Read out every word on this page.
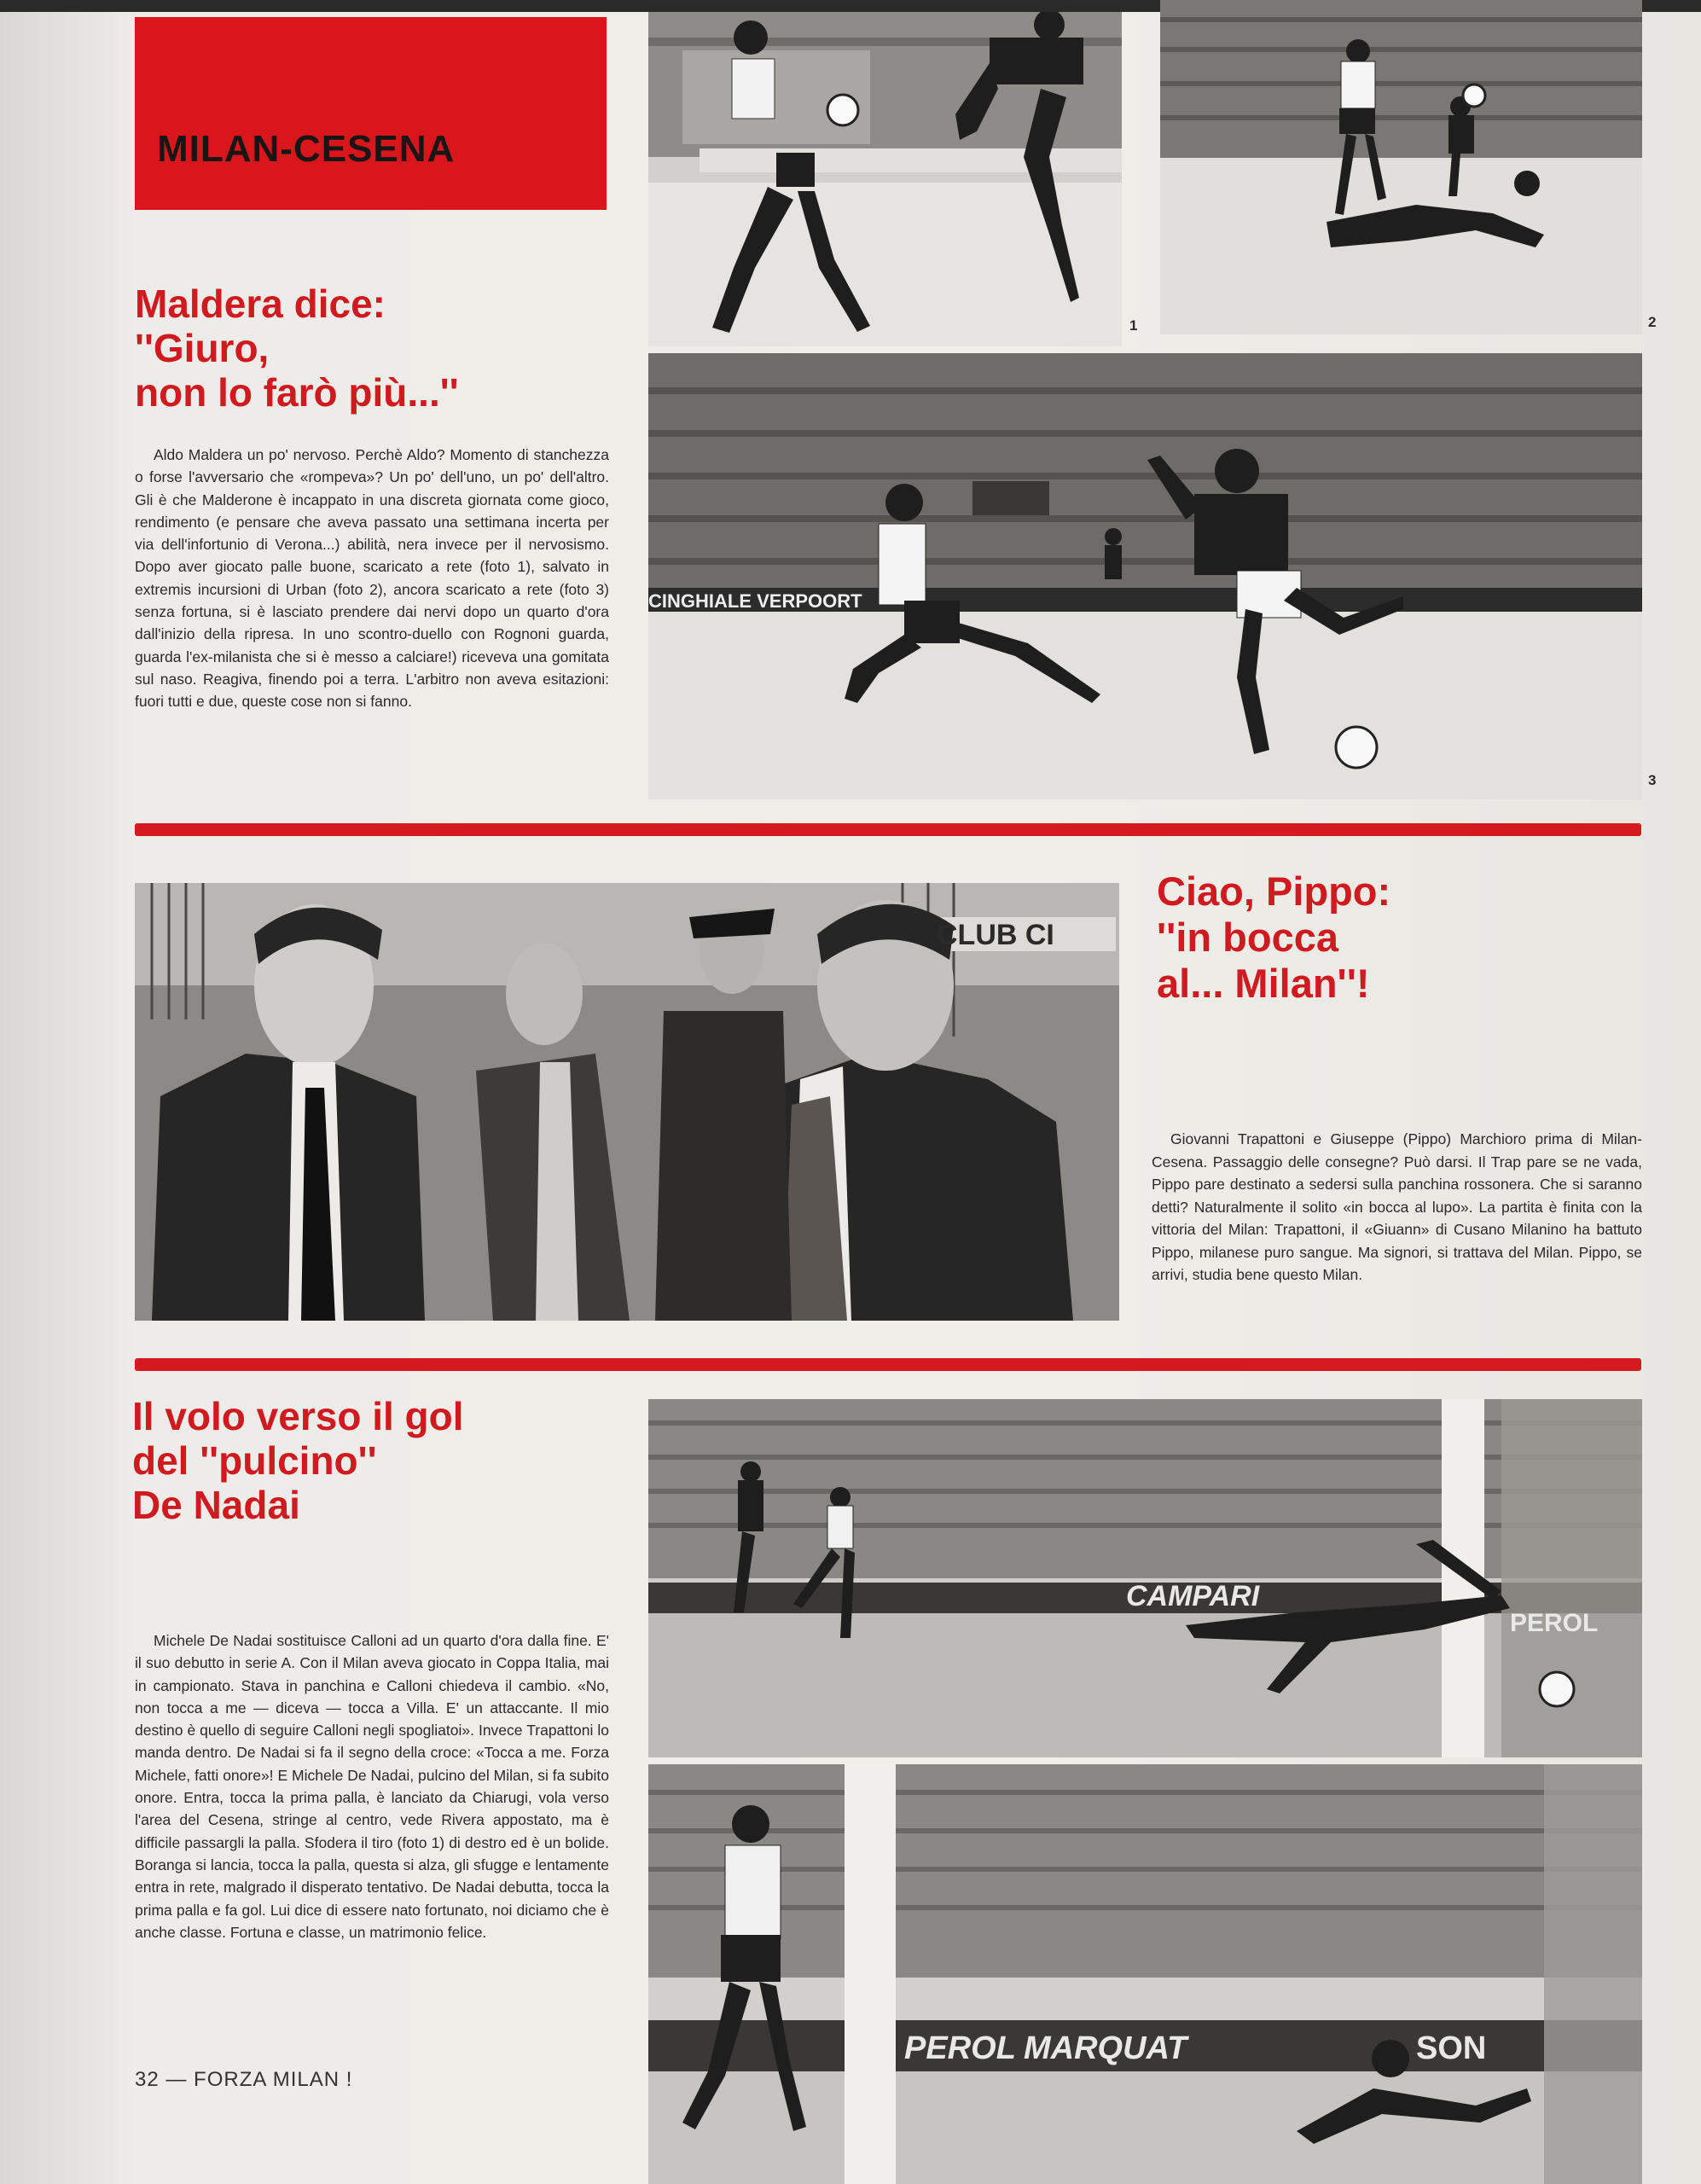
MILAN-CESENA
Maldera dice:
''Giuro,
non lo farò più...''
Aldo Maldera un po' nervoso. Perchè Aldo? Momento di stanchezza o forse l'avversario che «rompeva»? Un po' dell'uno, un po' dell'altro. Gli è che Malderone è incappato in una discreta giornata come gioco, rendimento (e pensare che aveva passato una settimana incerta per via dell'infortunio di Verona...) abilità, nera invece per il nervosismo. Dopo aver giocato palle buone, scaricato a rete (foto 1), salvato in extremis incursioni di Urban (foto 2), ancora scaricato a rete (foto 3) senza fortuna, si è lasciato prendere dai nervi dopo un quarto d'ora dall'inizio della ripresa. In uno scontro-duello con Rognoni guarda, guarda l'ex-milanista che si è messo a calciare!) riceveva una gomitata sul naso. Reagiva, finendo poi a terra. L'arbitro non aveva esitazioni: fuori tutti e due, queste cose non si fanno.
1	2
CINGHIALE VERPOORT
3
CLUB CI
Ciao, Pippo:
''in bocca
al... Milan''!
Giovanni Trapattoni e Giuseppe (Pippo) Marchioro prima di Milan-Cesena. Passaggio delle consegne? Può darsi. Il Trap pare se ne vada, Pippo pare destinato a sedersi sulla panchina rossonera. Che si saranno detti? Naturalmente il solito «in bocca al lupo». La partita è finita con la vittoria del Milan: Trapattoni, il «Giuann» di Cusano Milanino ha battuto Pippo, milanese puro sangue. Ma signori, si trattava del Milan. Pippo, se arrivi, studia bene questo Milan.
Il volo verso il gol
del ''pulcino''
De Nadai
Michele De Nadai sostituisce Calloni ad un quarto d'ora dalla fine. E' il suo debutto in serie A. Con il Milan aveva giocato in Coppa Italia, mai in campionato. Stava in panchina e Calloni chiedeva il cambio. «No, non tocca a me — diceva — tocca a Villa. E' un attaccante. Il mio destino è quello di seguire Calloni negli spogliatoi». Invece Trapattoni lo manda dentro. De Nadai si fa il segno della croce: «Tocca a me. Forza Michele, fatti onore»! E Michele De Nadai, pulcino del Milan, si fa subito onore. Entra, tocca la prima palla, è lanciato da Chiarugi, vola verso l'area del Cesena, stringe al centro, vede Rivera appostato, ma è difficile passargli la palla. Sfodera il tiro (foto 1) di destro ed è un bolide. Boranga si lancia, tocca la palla, questa si alza, gli sfugge e lentamente entra in rete, malgrado il disperato tentativo. De Nadai debutta, tocca la prima palla e fa gol. Lui dice di essere nato fortunato, noi diciamo che è anche classe. Fortuna e classe, un matrimonio felice.
CAMPARI
PEROL
PEROL MARQUAT	SON
32 — FORZA MILAN !
